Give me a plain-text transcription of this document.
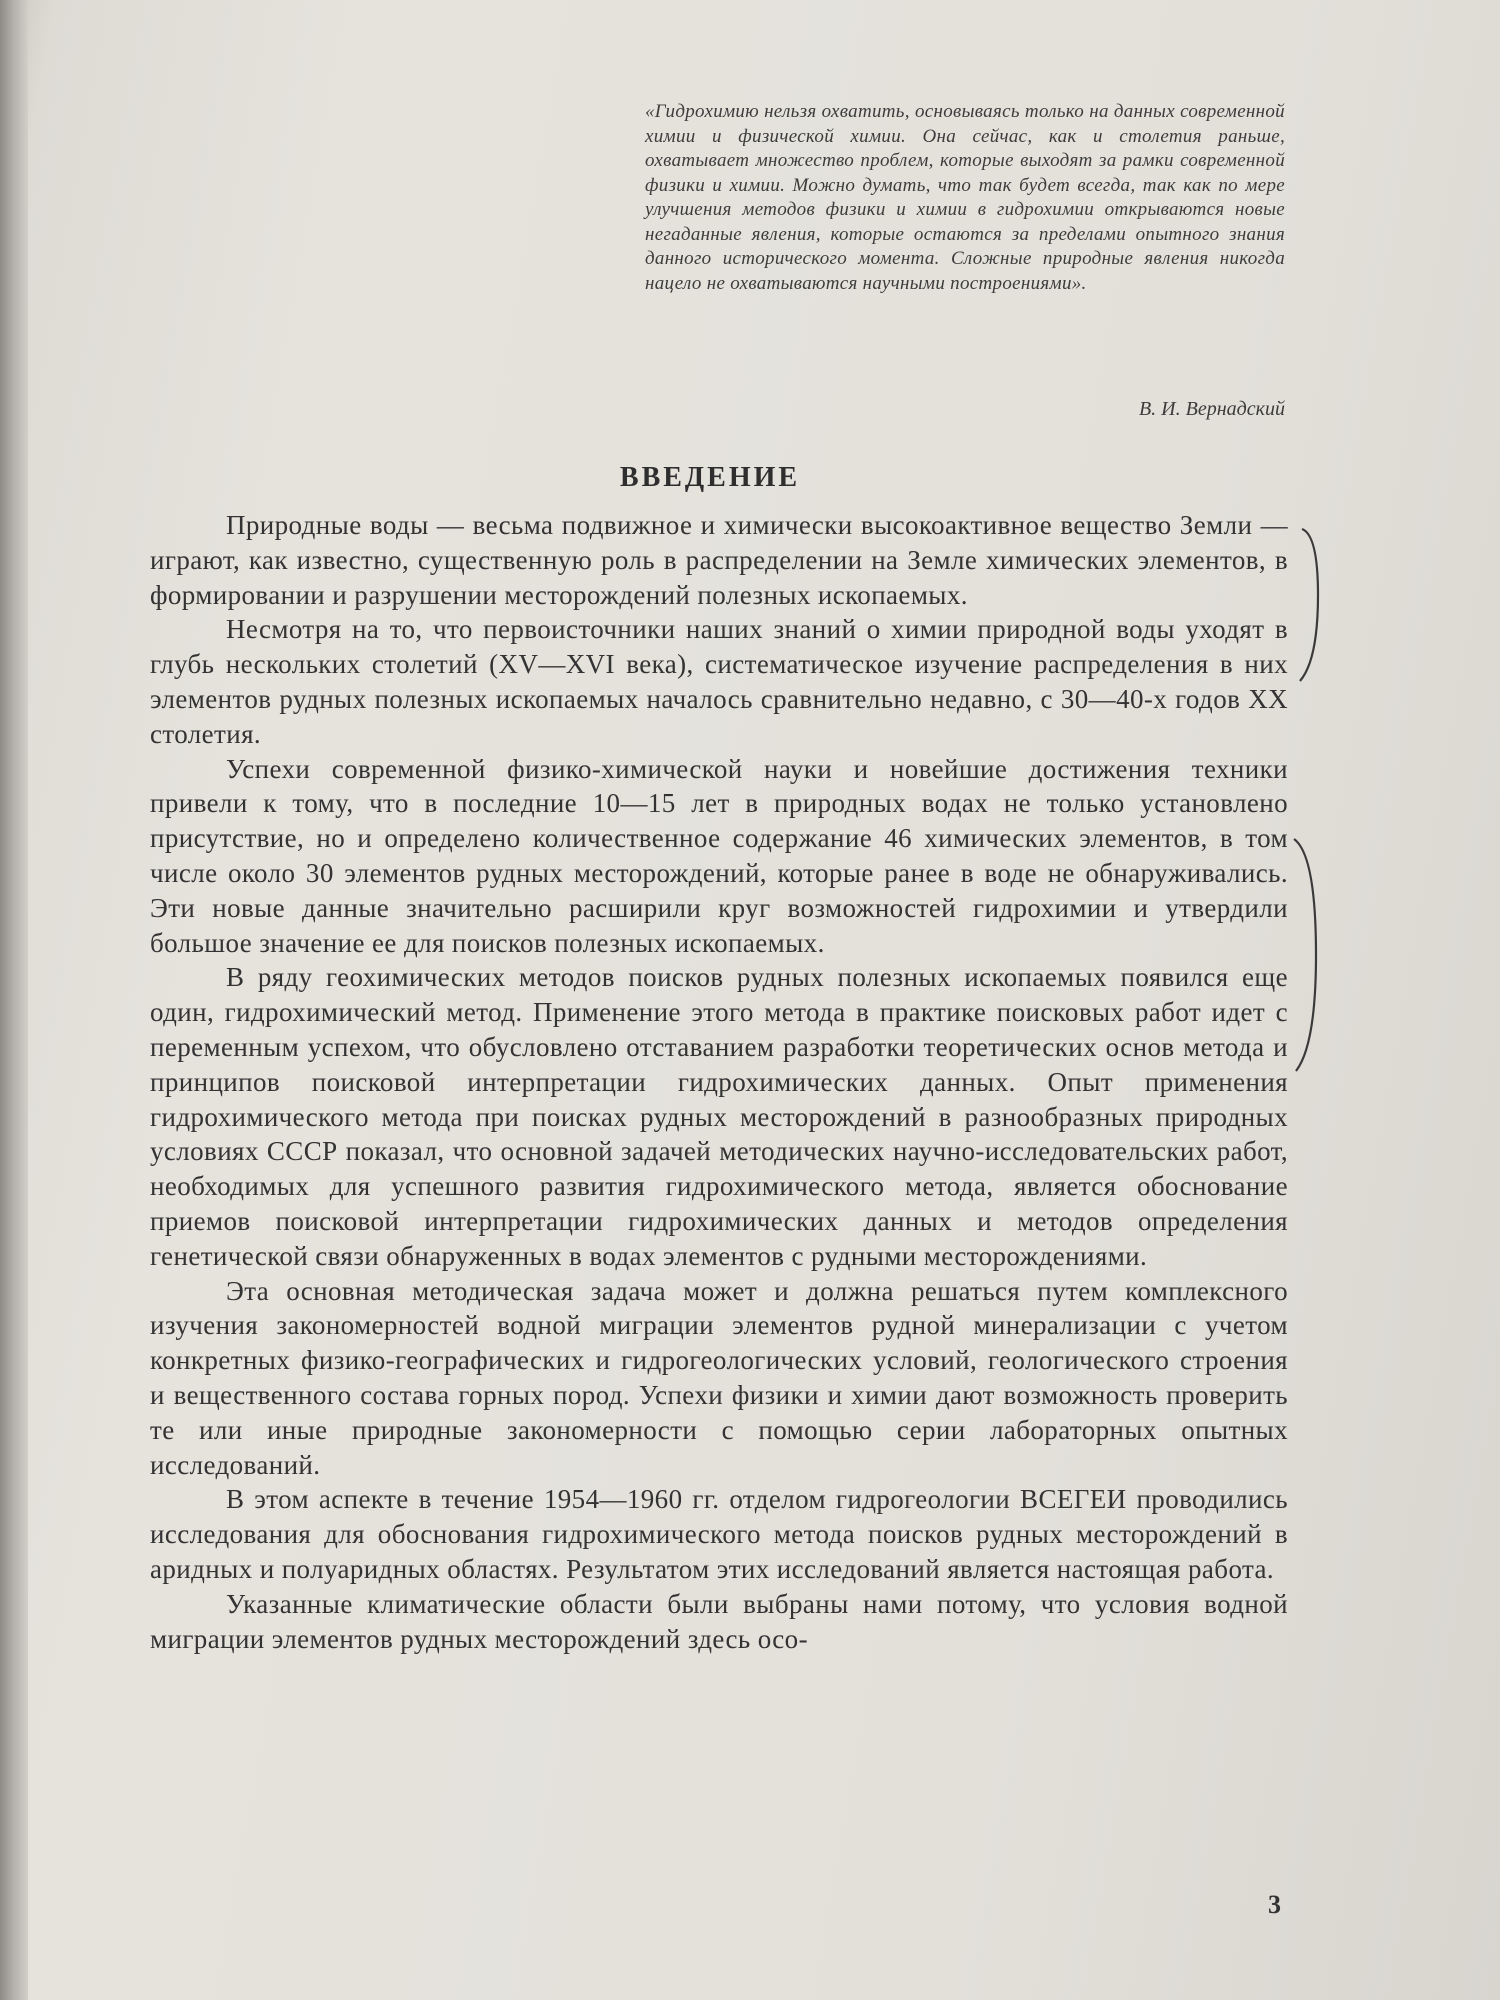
«Гидрохимию нельзя охватить, основываясь только на данных современной химии и физической химии. Она сейчас, как и столетия раньше, охватывает множество проблем, которые выходят за рамки современной физики и химии. Можно думать, что так будет всегда, так как по мере улучшения методов физики и химии в гидрохимии открываются новые негаданные явления, которые остаются за пределами опытного знания данного исторического момента. Сложные природные явления никогда нацело не охватываются научными построениями».
В. И. Вернадский
ВВЕДЕНИЕ

Природные воды — весьма подвижное и химически высокоактивное вещество Земли — играют, как известно, существенную роль в распределении на Земле химических элементов, в формировании и разрушении месторождений полезных ископаемых.

Несмотря на то, что первоисточники наших знаний о химии природной воды уходят в глубь нескольких столетий (XV—XVI века), систематическое изучение распределения в них элементов рудных полезных ископаемых началось сравнительно недавно, с 30—40-х годов XX столетия.

Успехи современной физико-химической науки и новейшие достижения техники привели к тому, что в последние 10—15 лет в природных водах не только установлено присутствие, но и определено количественное содержание 46 химических элементов, в том числе около 30 элементов рудных месторождений, которые ранее в воде не обнаруживались. Эти новые данные значительно расширили круг возможностей гидрохимии и утвердили большое значение ее для поисков полезных ископаемых.

В ряду геохимических методов поисков рудных полезных ископаемых появился еще один, гидрохимический метод. Применение этого метода в практике поисковых работ идет с переменным успехом, что обусловлено отставанием разработки теоретических основ метода и принципов поисковой интерпретации гидрохимических данных. Опыт применения гидрохимического метода при поисках рудных месторождений в разнообразных природных условиях СССР показал, что основной задачей методических научно-исследовательских работ, необходимых для успешного развития гидрохимического метода, является обоснование приемов поисковой интерпретации гидрохимических данных и методов определения генетической связи обнаруженных в водах элементов с рудными месторождениями.

Эта основная методическая задача может и должна решаться путем комплексного изучения закономерностей водной миграции элементов рудной минерализации с учетом конкретных физико-географических и гидрогеологических условий, геологического строения и вещественного состава горных пород. Успехи физики и химии дают возможность проверить те или иные природные закономерности с помощью серии лабораторных опытных исследований.

В этом аспекте в течение 1954—1960 гг. отделом гидрогеологии ВСЕГЕИ проводились исследования для обоснования гидрохимического метода поисков рудных месторождений в аридных и полуаридных областях. Результатом этих исследований является настоящая работа.

Указанные климатические области были выбраны нами потому, что условия водной миграции элементов рудных месторождений здесь осо-

3
